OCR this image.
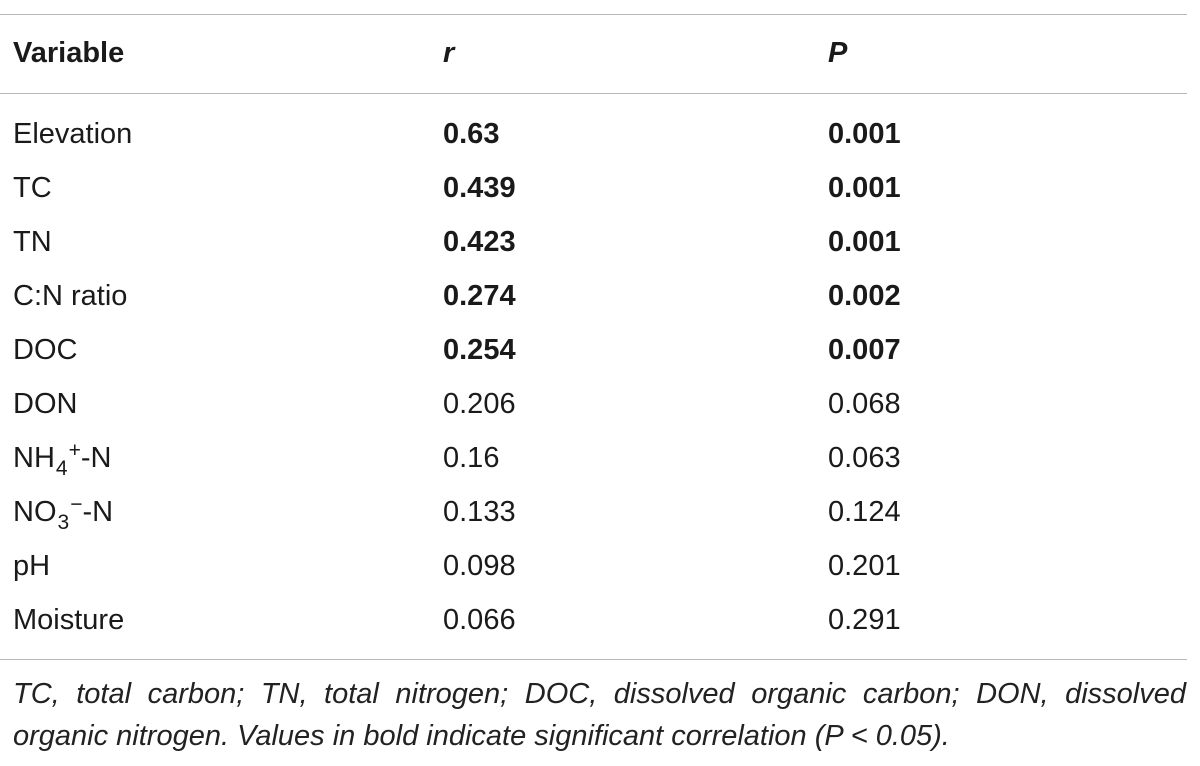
Variable	r	P
Elevation	0.63	0.001
TC	0.439	0.001
TN	0.423	0.001
C:N ratio	0.274	0.002
DOC	0.254	0.007
DON	0.206	0.068
$NH_4^+-N$	0.16	0.063
$NO_3^--N$	0.133	0.124
pH	0.098	0.201
Moisture	0.066	0.291
TC, total carbon; TN, total nitrogen; DOC, dissolved organic carbon; DON, dissolved organic nitrogen. Values in bold indicate significant correlation (P < 0.05).
